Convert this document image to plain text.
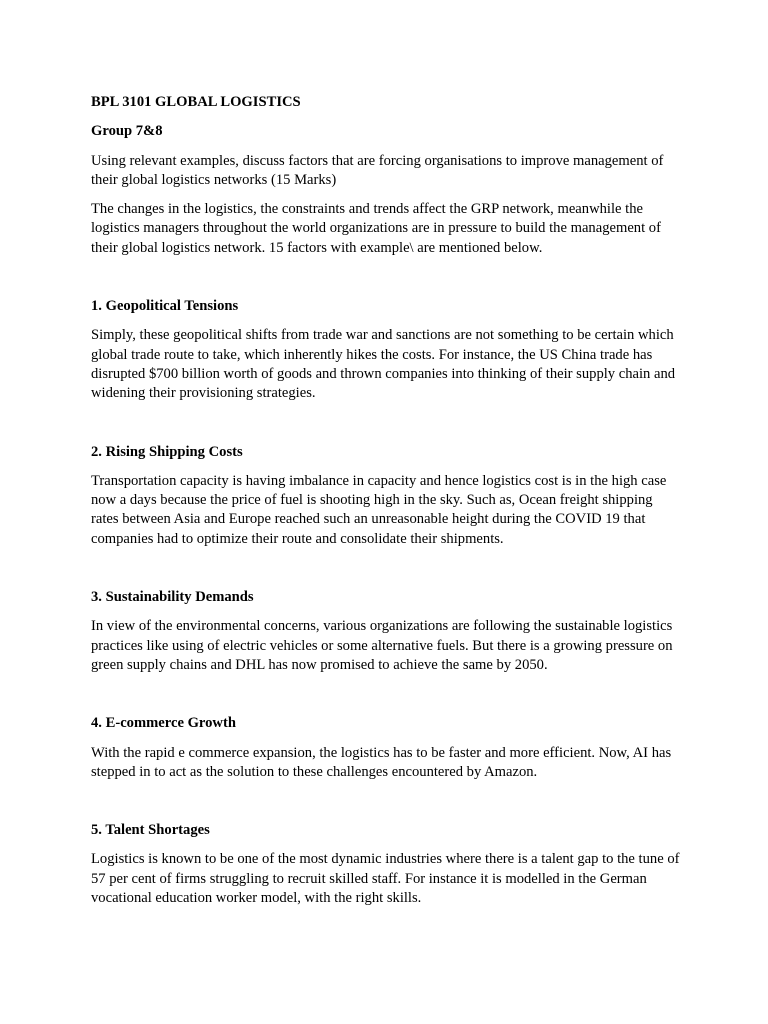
BPL 3101 GLOBAL LOGISTICS
Group 7&8

Using relevant examples, discuss factors that are forcing organisations to improve management of their global logistics networks (15 Marks)

The changes in the logistics, the constraints and trends affect the GRP network, meanwhile the logistics managers throughout the world organizations are in pressure to build the management of their global logistics network. 15 factors with example\ are mentioned below.

1. Geopolitical Tensions

Simply, these geopolitical shifts from trade war and sanctions are not something to be certain which global trade route to take, which inherently hikes the costs. For instance, the US China trade has disrupted $700 billion worth of goods and thrown companies into thinking of their supply chain and widening their provisioning strategies.

2. Rising Shipping Costs

Transportation capacity is having imbalance in capacity and hence logistics cost is in the high case now a days because the price of fuel is shooting high in the sky. Such as, Ocean freight shipping rates between Asia and Europe reached such an unreasonable height during the COVID 19 that companies had to optimize their route and consolidate their shipments.

3. Sustainability Demands

In view of the environmental concerns, various organizations are following the sustainable logistics practices like using of electric vehicles or some alternative fuels. But there is a growing pressure on green supply chains and DHL has now promised to achieve the same by 2050.

4. E-commerce Growth

With the rapid e commerce expansion, the logistics has to be faster and more efficient. Now, AI has stepped in to act as the solution to these challenges encountered by Amazon.

5. Talent Shortages

Logistics is known to be one of the most dynamic industries where there is a talent gap to the tune of 57 per cent of firms struggling to recruit skilled staff. For instance it is modelled in the German vocational education worker model, with the right skills.
